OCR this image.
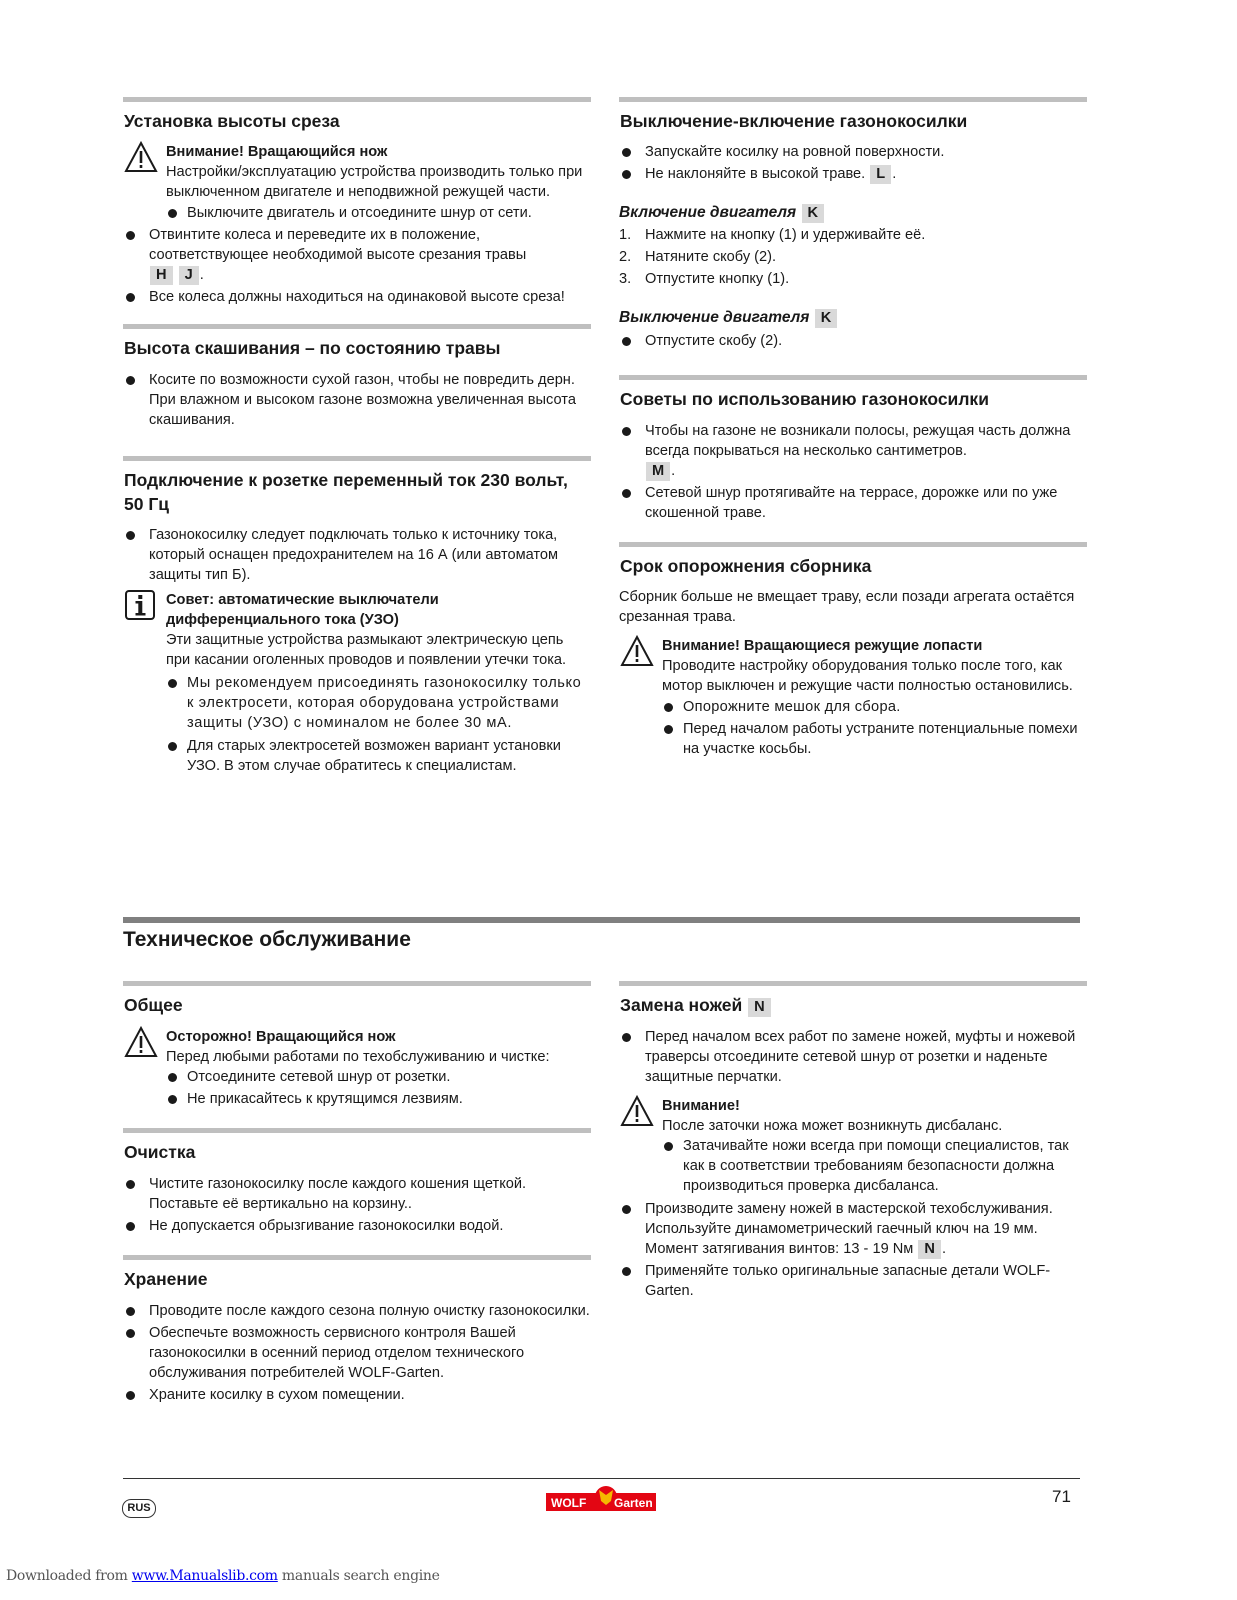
Установка высоты среза
Внимание! Вращающийся нож

Настройки/эксплуатацию устройства производить только при выключенном двигателе и неподвижной режущей части.

Выключите двигатель и отсоедините шнур от сети.
Отвинтите колеса и переведите их в положение, соответствующее необходимой высоте срезания травы
H J .
Все колеса должны находиться на одинаковой высоте среза!
Высота скашивания – по состоянию травы
Косите по возможности сухой газон, чтобы не повредить дерн. При влажном и высоком газоне возможна увеличенная высота скашивания.
Подключение к розетке переменный ток 230 вольт, 50 Гц
Газонокосилку следует подключать только к источнику тока, который оснащен предохранителем на 16 А (или автоматом защиты тип Б).
Совет: автоматические выключатели дифференциального тока (УЗО)

Эти защитные устройства размыкают электрическую цепь при касании оголенных проводов и появлении утечки тока.

Мы рекомендуем присоединять газонокосилку только к электросети, которая оборудована устройствами защиты (УЗО) с номиналом не более 30 мА.
Для старых электросетей возможен вариант установки УЗО. В этом случае обратитесь к специалистам.
Выключение-включение газонокосилки
Запускайте косилку на ровной поверхности.
Не наклоняйте в высокой траве. L .
Включение двигателя K
1. Нажмите на кнопку (1) и удерживайте её.
2. Натяните скобу (2).
3. Отпустите кнопку (1).
Выключение двигателя K
Отпустите скобу (2).
Советы по использованию газонокосилки
Чтобы на газоне не возникали полосы, режущая часть должна всегда покрываться на несколько сантиметров.
M .
Сетевой шнур протягивайте на террасе, дорожке или по уже скошенной траве.
Срок опорожнения сборника

Сборник больше не вмещает траву, если позади агрегата остаётся срезанная трава.

Внимание! Вращающиеся режущие лопасти

Проводите настройку оборудования только после того, как мотор выключен и режущие части полностью остановились.

Опорожните мешок для сбора.
Перед началом работы устраните потенциальные помехи на участке косьбы.
Техническое обслуживание
Общее
Осторожно! Вращающийся нож

Перед любыми работами по техобслуживанию и чистке:

Отсоедините сетевой шнур от розетки.
Не прикасайтесь к крутящимся лезвиям.
Очистка
Чистите газонокосилку после каждого кошения щеткой. Поставьте её вертикально на корзину..
Не допускается обрызгивание газонокосилки водой.
Хранение
Проводите после каждого сезона полную очистку газонокосилки.
Обеспечьте возможность сервисного контроля Вашей газонокосилки в осенний период отделом технического обслуживания потребителей WOLF-Garten.
Храните косилку в сухом помещении.
Замена ножей N
Перед началом всех работ по замене ножей, муфты и ножевой траверсы отсоедините сетевой шнур от розетки и наденьте защитные перчатки.
Внимание!

После заточки ножа может возникнуть дисбаланс.

Затачивайте ножи всегда при помощи специалистов, так как в соответствии требованиям безопасности должна производиться проверка дисбаланса.
Производите замену ножей в мастерской техобслуживания. Используйте динамометрический гаечный ключ на 19 мм. Момент затягивания винтов: 13 - 19 Nм N .
Применяйте только оригинальные запасные детали WOLF-Garten.
RUS	WOLF Garten	71
Downloaded from www.Manualslib.com manuals search engine
